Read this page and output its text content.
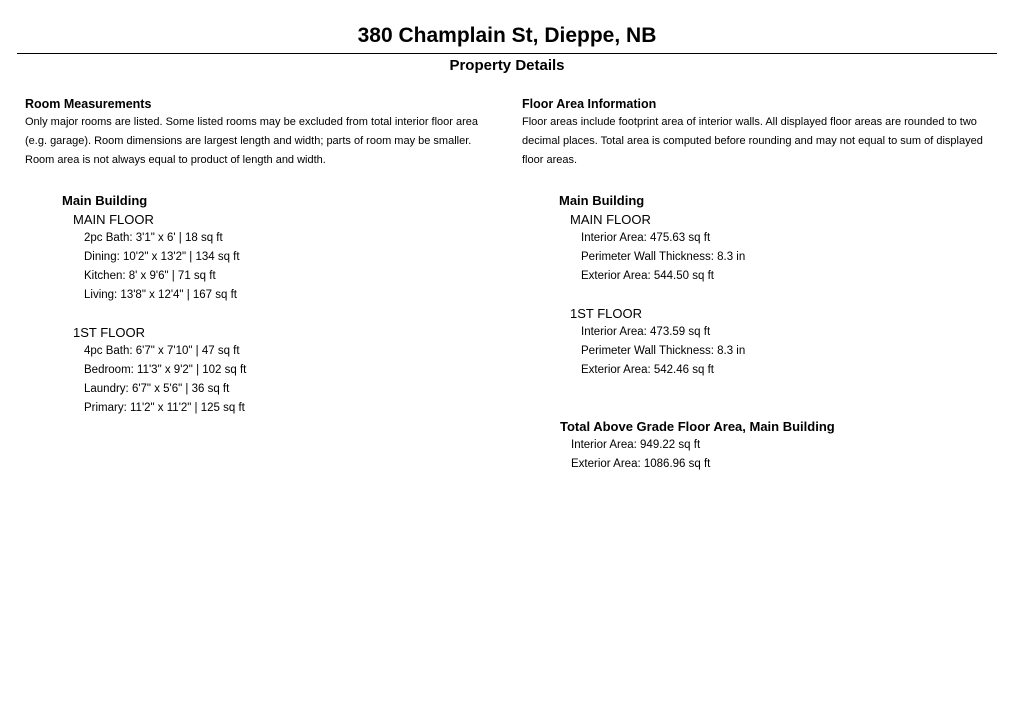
380 Champlain St, Dieppe, NB
Property Details
Room Measurements
Only major rooms are listed. Some listed rooms may be excluded from total interior floor area
(e.g. garage). Room dimensions are largest length and width; parts of room may be smaller.
Room area is not always equal to product of length and width.
Main Building
MAIN FLOOR
2pc Bath: 3'1" x 6' | 18 sq ft
Dining: 10'2" x 13'2" | 134 sq ft
Kitchen: 8' x 9'6" | 71 sq ft
Living: 13'8" x 12'4" | 167 sq ft
1ST FLOOR
4pc Bath: 6'7" x 7'10" | 47 sq ft
Bedroom: 11'3" x 9'2" | 102 sq ft
Laundry: 6'7" x 5'6" | 36 sq ft
Primary: 11'2" x 11'2" | 125 sq ft
Floor Area Information
Floor areas include footprint area of interior walls. All displayed floor areas are rounded to two
decimal places. Total area is computed before rounding and may not equal to sum of displayed
floor areas.
Main Building
MAIN FLOOR
Interior Area: 475.63 sq ft
Perimeter Wall Thickness: 8.3 in
Exterior Area: 544.50 sq ft
1ST FLOOR
Interior Area: 473.59 sq ft
Perimeter Wall Thickness: 8.3 in
Exterior Area: 542.46 sq ft
Total Above Grade Floor Area, Main Building
Interior Area: 949.22 sq ft
Exterior Area: 1086.96 sq ft
